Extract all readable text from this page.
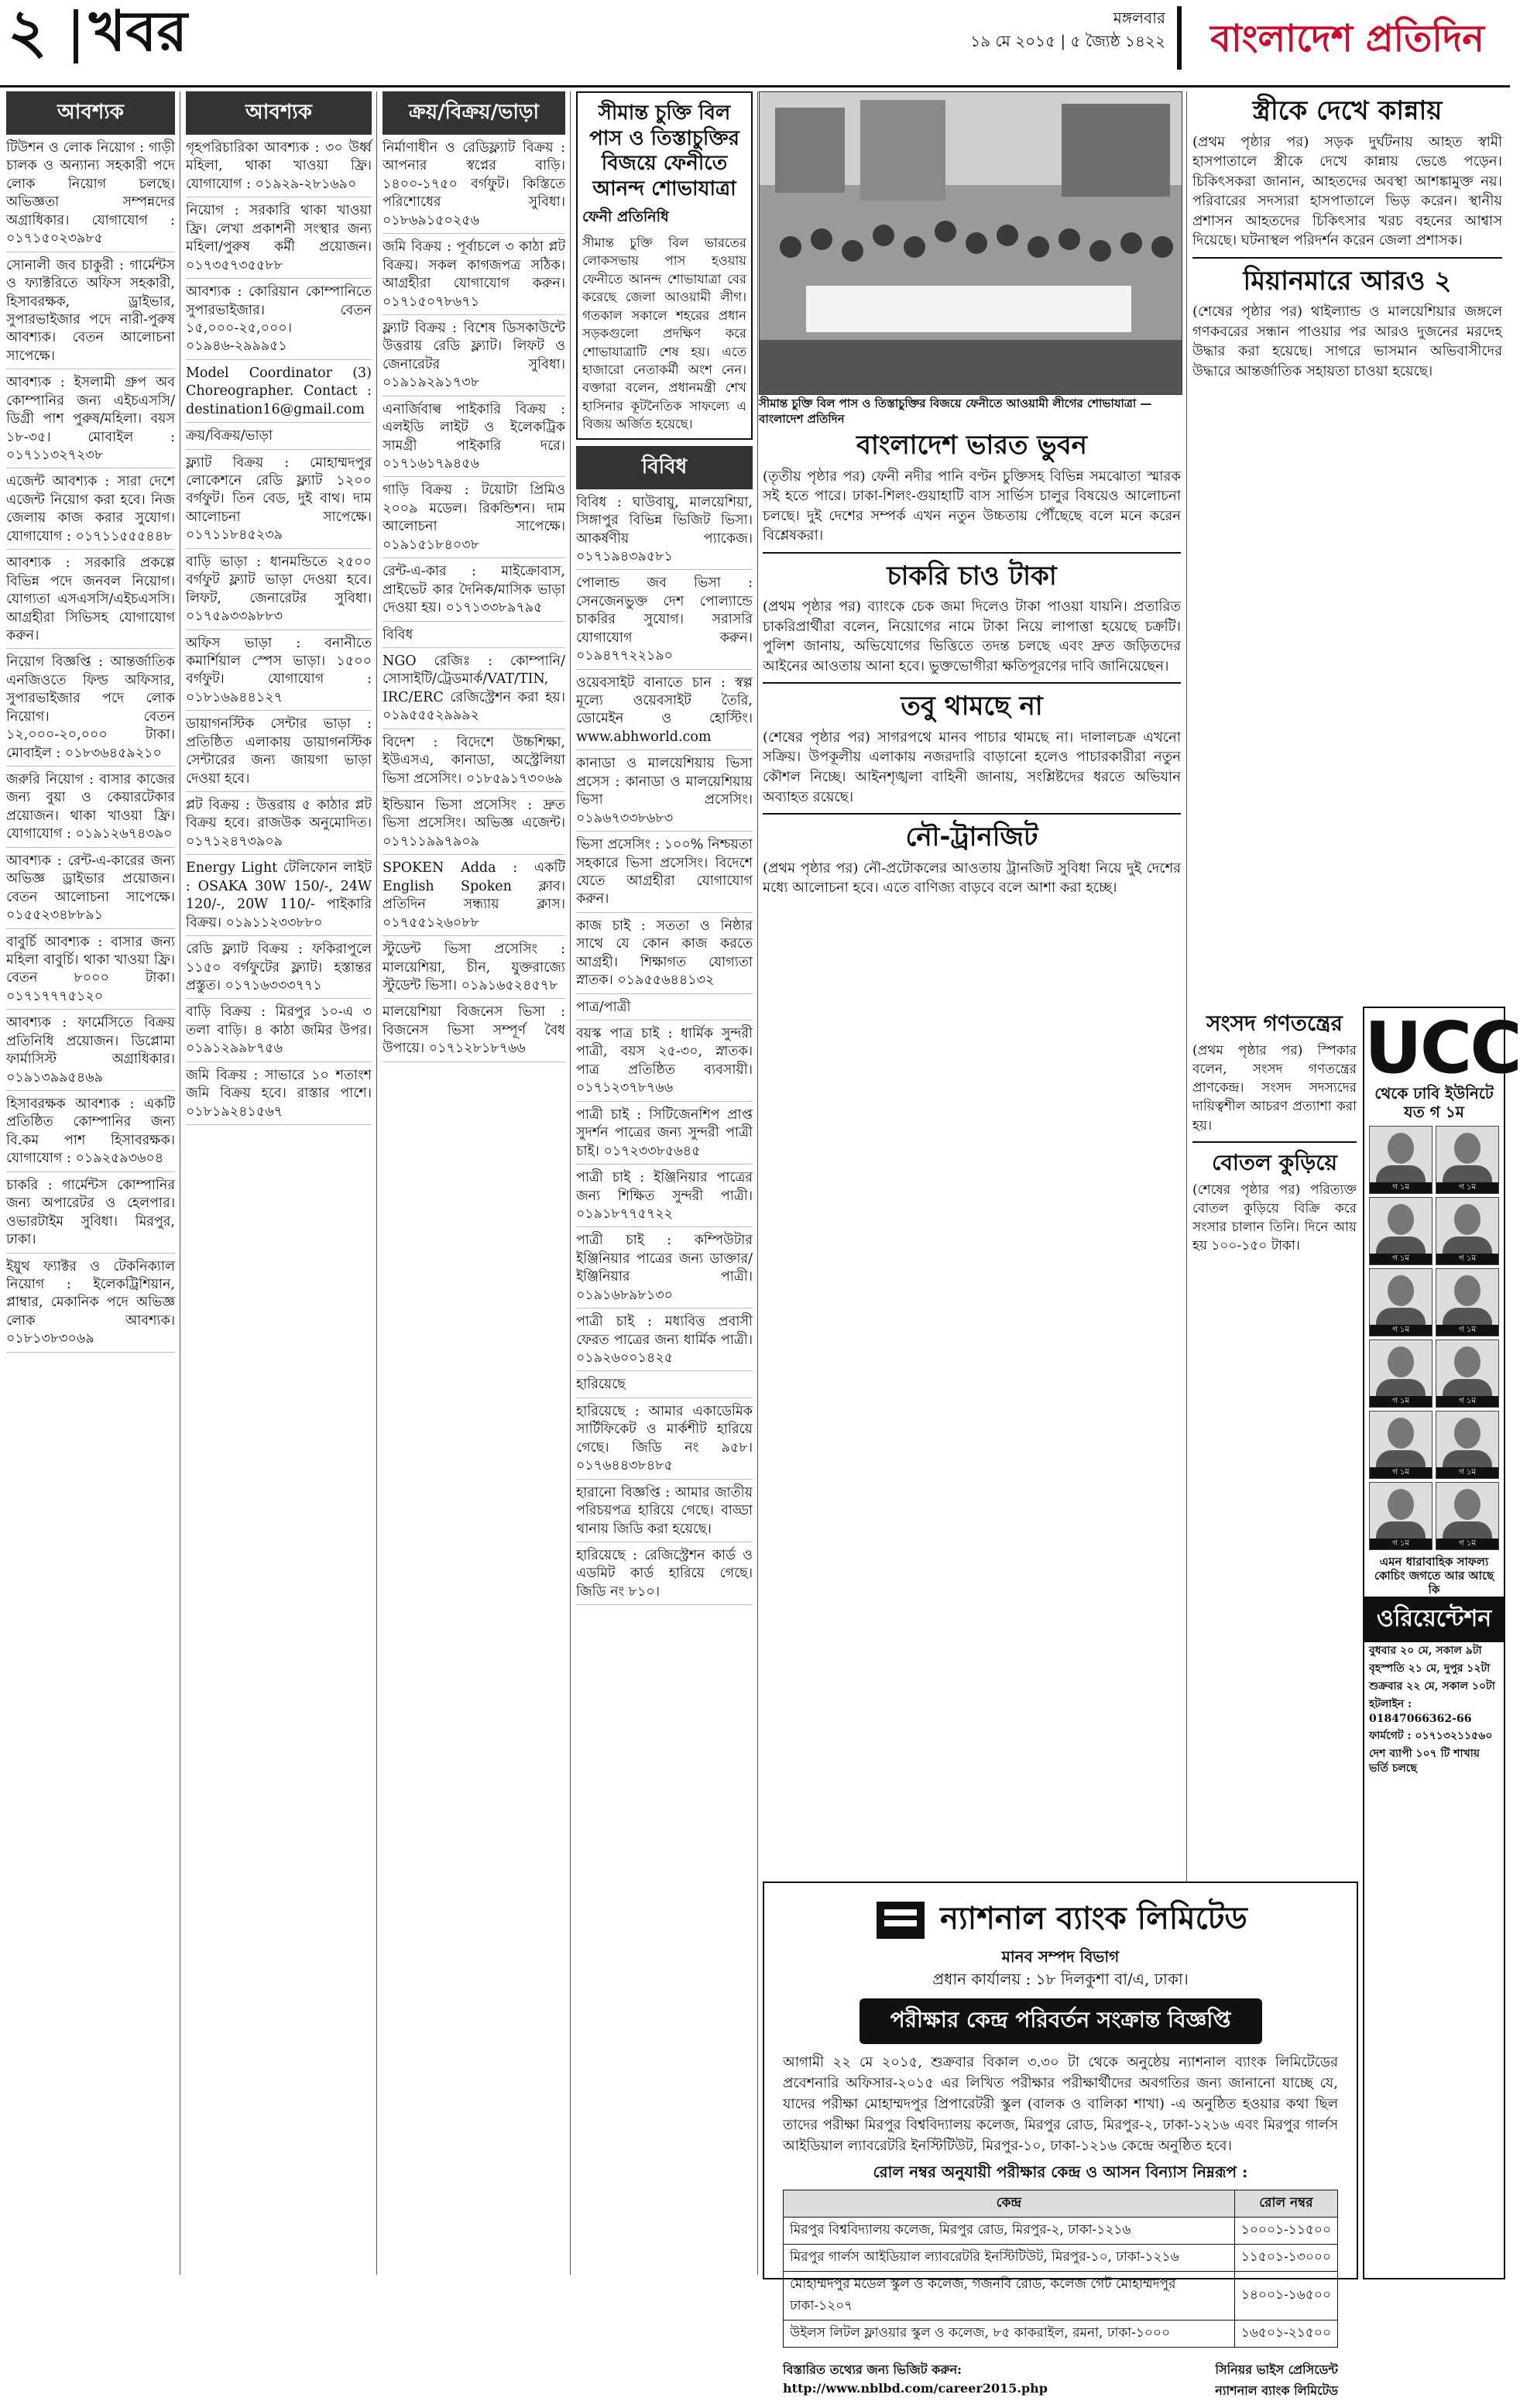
২ খবর	মঙ্গলবার
১৯ মে ২০১৫ | ৫ জ্যৈষ্ঠ ১৪২২ বাংলাদেশ প্রতিদিন
আবশ্যক
টিউশন ও লোক নিয়োগ : গাড়ী চালক ও অন্যান্য সহকারী পদে লোক নিয়োগ চলছে। অভিজ্ঞতা সম্পন্নদের অগ্রাধিকার। যোগাযোগ : ০১৭১৫০২৩৯৮৫
সোনালী জব চাকুরী : গার্মেন্টস ও ফ্যাক্টরিতে অফিস সহকারী, হিসাবরক্ষক, ড্রাইভার, সুপারভাইজার পদে নারী-পুরুষ আবশ্যক। বেতন আলোচনা সাপেক্ষে।
আবশ্যক : ইসলামী গ্রুপ অব কোম্পানির জন্য এইচএসসি/ডিগ্রী পাশ পুরুষ/মহিলা। বয়স ১৮-৩৫। মোবাইল : ০১৭১১৩২৭২৩৮
এজেন্ট আবশ্যক : সারা দেশে এজেন্ট নিয়োগ করা হবে। নিজ জেলায় কাজ করার সুযোগ। যোগাযোগ : ০১৭১১৫৫৫৪৪৮
আবশ্যক : সরকারি প্রকল্পে বিভিন্ন পদে জনবল নিয়োগ। যোগ্যতা এসএসসি/এইচএসসি। আগ্রহীরা সিভিসহ যোগাযোগ করুন।
নিয়োগ বিজ্ঞপ্তি : আন্তর্জাতিক এনজিওতে ফিল্ড অফিসার, সুপারভাইজার পদে লোক নিয়োগ। বেতন ১২,০০০-২০,০০০ টাকা। মোবাইল : ০১৮৩৬৪৫৯২১০
জরুরি নিয়োগ : বাসার কাজের জন্য বুয়া ও কেয়ারটেকার প্রয়োজন। থাকা খাওয়া ফ্রি। যোগাযোগ : ০১৯১২৬৭৪৩৯০
আবশ্যক : রেন্ট-এ-কারের জন্য অভিজ্ঞ ড্রাইভার প্রয়োজন। বেতন আলোচনা সাপেক্ষে। ০১৫৫২৩৪৮৮৯১
বাবুর্চি আবশ্যক : বাসার জন্য মহিলা বাবুর্চি। থাকা খাওয়া ফ্রি। বেতন ৮০০০ টাকা। ০১৭১৭৭৭৫১২০
আবশ্যক : ফার্মেসিতে বিক্রয় প্রতিনিধি প্রয়োজন। ডিপ্লোমা ফার্মাসিস্ট অগ্রাধিকার। ০১৯১৩৯৯৫৪৬৯
হিসাবরক্ষক আবশ্যক : একটি প্রতিষ্ঠিত কোম্পানির জন্য বি.কম পাশ হিসাবরক্ষক। যোগাযোগ : ০১৯২৫৯৩৬০৪
চাকরি : গার্মেন্টস কোম্পানির জন্য অপারেটর ও হেলপার। ওভারটাইম সুবিধা। মিরপুর, ঢাকা।
ইয়ুথ ফ্যাক্টর ও টেকনিক্যাল নিয়োগ : ইলেকট্রিশিয়ান, প্লাম্বার, মেকানিক পদে অভিজ্ঞ লোক আবশ্যক। ০১৮১৩৮৩০৬৯
আবশ্যক
গৃহপরিচারিকা আবশ্যক : ৩০ উর্ধ্ব মহিলা, থাকা খাওয়া ফ্রি। যোগাযোগ : ০১৯২৯-২৮১৬৯০
নিয়োগ : সরকারি থাকা খাওয়া ফ্রি। লেখা প্রকাশনী সংস্থার জন্য মহিলা/পুরুষ কর্মী প্রয়োজন। ০১৭৩৫৭৩৫৫৮৮
আবশ্যক : কোরিয়ান কোম্পানিতে সুপারভাইজার। বেতন ১৫,০০০-২৫,০০০। ০১৯৪৬-২৯৯৯৫১
Model Coordinator (3) Choreographer. Contact : destination16@gmail.com
ক্রয়/বিক্রয়/ভাড়া
ফ্ল্যাট বিক্রয় : মোহাম্মদপুর লোকেশনে রেডি ফ্ল্যাট ১২০০ বর্গফুট। তিন বেড, দুই বাথ। দাম আলোচনা সাপেক্ষে। ০১৭১১৮৪৫২৩৯
বাড়ি ভাড়া : ধানমন্ডিতে ২৫০০ বর্গফুট ফ্ল্যাট ভাড়া দেওয়া হবে। লিফট, জেনারেটর সুবিধা। ০১৭৫৯৩৩৯৮৮৩
অফিস ভাড়া : বনানীতে কমার্শিয়াল স্পেস ভাড়া। ১৫০০ বর্গফুট। যোগাযোগ : ০১৮১৬৯৪৪১২৭
ডায়াগনস্টিক সেন্টার ভাড়া : প্রতিষ্ঠিত এলাকায় ডায়াগনস্টিক সেন্টারের জন্য জায়গা ভাড়া দেওয়া হবে।
প্লট বিক্রয় : উত্তরায় ৫ কাঠার প্লট বিক্রয় হবে। রাজউক অনুমোদিত। ০১৭১২৪৭৩৯০৯
Energy Light টেলিফোন লাইট : OSAKA 30W 150/-, 24W 120/-, 20W 110/- পাইকারি বিক্রয়। ০১৯১১২৩৩৮৮০
রেডি ফ্ল্যাট বিক্রয় : ফকিরাপুলে ১১৫০ বর্গফুটের ফ্ল্যাট। হস্তান্তর প্রস্তুত। ০১৭১৬৩৩৩৭৭১
বাড়ি বিক্রয় : মিরপুর ১০-এ ৩ তলা বাড়ি। ৪ কাঠা জমির উপর। ০১৯১২৯৯৮৭৫৬
জমি বিক্রয় : সাভারে ১০ শতাংশ জমি বিক্রয় হবে। রাস্তার পাশে। ০১৮১৯২৪১৫৬৭
ক্রয়/বিক্রয়/ভাড়া
নির্মাণাধীন ও রেডিফ্ল্যাট বিক্রয় : আপনার স্বপ্নের বাড়ি। ১৪০০-১৭৫০ বর্গফুট। কিস্তিতে পরিশোধের সুবিধা। ০১৮৬৯১৫০২৫৬
জমি বিক্রয় : পূর্বাচলে ৩ কাঠা প্লট বিক্রয়। সকল কাগজপত্র সঠিক। আগ্রহীরা যোগাযোগ করুন। ০১৭১৫০৭৮৬৭১
ফ্ল্যাট বিক্রয় : বিশেষ ডিসকাউন্টে উত্তরায় রেডি ফ্ল্যাট। লিফট ও জেনারেটর সুবিধা। ০১৯১৯২৯১৭৩৮
এনার্জিবাল্ব পাইকারি বিক্রয় : এলইডি লাইট ও ইলেকট্রিক সামগ্রী পাইকারি দরে। ০১৭১৬১৭৯৪৫৬
গাড়ি বিক্রয় : টয়োটা প্রিমিও ২০০৯ মডেল। রিকন্ডিশন। দাম আলোচনা সাপেক্ষে। ০১৯১৫১৮৪০৩৮
রেন্ট-এ-কার : মাইক্রোবাস, প্রাইভেট কার দৈনিক/মাসিক ভাড়া দেওয়া হয়। ০১৭১৩৩৮৯৭৯৫
বিবিধ
NGO রেজিঃ : কোম্পানি/সোসাইটি/ট্রেডমার্ক/VAT/TIN, IRC/ERC রেজিস্ট্রেশন করা হয়। ০১৯৫৫৫২৯৯৯২
বিদেশ : বিদেশে উচ্চশিক্ষা, ইউএসএ, কানাডা, অস্ট্রেলিয়া ভিসা প্রসেসিং। ০১৮৫৯১৭৩০৬৯
ইন্ডিয়ান ভিসা প্রসেসিং : দ্রুত ভিসা প্রসেসিং। অভিজ্ঞ এজেন্ট। ০১৭১১৯৯৭৯০৯
SPOKEN Adda : একটি English Spoken ক্লাব। প্রতিদিন সন্ধ্যায় ক্লাস। ০১৭৫৫১২৬০৮৮
স্টুডেন্ট ভিসা প্রসেসিং : মালয়েশিয়া, চীন, যুক্তরাজ্যে স্টুডেন্ট ভিসা। ০১৯১৬৫২৪৫৭৮
মালয়েশিয়া বিজনেস ভিসা : বিজনেস ভিসা সম্পূর্ণ বৈধ উপায়ে। ০১৭১২৮১৮৭৬৬
সীমান্ত চুক্তি বিল পাস ও তিস্তাচুক্তির বিজয়ে ফেনীতে আনন্দ শোভাযাত্রা
ফেনী প্রতিনিধি
সীমান্ত চুক্তি বিল ভারতের লোকসভায় পাস হওয়ায় ফেনীতে আনন্দ শোভাযাত্রা বের করেছে জেলা আওয়ামী লীগ। গতকাল সকালে শহরের প্রধান সড়কগুলো প্রদক্ষিণ করে শোভাযাত্রাটি শেষ হয়। এতে হাজারো নেতাকর্মী অংশ নেন। বক্তারা বলেন, প্রধানমন্ত্রী শেখ হাসিনার কূটনৈতিক সাফল্যে এ বিজয় অর্জিত হয়েছে।
বিবিধ
বিবিধ : ঘাউবায়ু, মালয়েশিয়া, সিঙ্গাপুর বিভিন্ন ভিজিট ভিসা। আকর্ষণীয় প্যাকেজ। ০১৭১৯৪৩৯৫৮১
পোলান্ড জব ভিসা : সেনজেনভুক্ত দেশ পোল্যান্ডে চাকরির সুযোগ। সরাসরি যোগাযোগ করুন। ০১৯৪৭৭২২১৯০
ওয়েবসাইট বানাতে চান : স্বল্প মূল্যে ওয়েবসাইট তৈরি, ডোমেইন ও হোস্টিং। www.abhworld.com
কানাডা ও মালয়েশিয়ায় ভিসা প্রসেস : কানাডা ও মালয়েশিয়ায় ভিসা প্রসেসিং। ০১৯৬৭৩৩৮৬৮৩
ভিসা প্রসেসিং : ১০০% নিশ্চয়তা সহকারে ভিসা প্রসেসিং। বিদেশে যেতে আগ্রহীরা যোগাযোগ করুন।
কাজ চাই : সততা ও নিষ্ঠার সাথে যে কোন কাজ করতে আগ্রহী। শিক্ষাগত যোগ্যতা স্নাতক। ০১৯৫৫৬৪৪১৩২
পাত্র/পাত্রী
বয়স্ক পাত্র চাই : ধার্মিক সুন্দরী পাত্রী, বয়স ২৫-৩০, স্নাতক। পাত্র প্রতিষ্ঠিত ব্যবসায়ী। ০১৭১২৩৭৮৭৬৬
পাত্রী চাই : সিটিজেনশিপ প্রাপ্ত সুদর্শন পাত্রের জন্য সুন্দরী পাত্রী চাই। ০১৭২৩৩৮৫৬৪৫
পাত্রী চাই : ইঞ্জিনিয়ার পাত্রের জন্য শিক্ষিত সুন্দরী পাত্রী। ০১৯১৮৭৭৫৭২২
পাত্রী চাই : কম্পিউটার ইঞ্জিনিয়ার পাত্রের জন্য ডাক্তার/ইঞ্জিনিয়ার পাত্রী। ০১৯১৬৮৯৮১৩০
পাত্রী চাই : মধ্যবিত্ত প্রবাসী ফেরত পাত্রের জন্য ধার্মিক পাত্রী। ০১৯২৬০০১৪২৫
হারিয়েছে
হারিয়েছে : আমার একাডেমিক সার্টিফিকেট ও মার্কশীট হারিয়ে গেছে। জিডি নং ৯৫৮। ০১৭৬৪৪৩৮৪৮৫
হারানো বিজ্ঞপ্তি : আমার জাতীয় পরিচয়পত্র হারিয়ে গেছে। বাড্ডা থানায় জিডি করা হয়েছে।
হারিয়েছে : রেজিস্ট্রেশন কার্ড ও এডমিট কার্ড হারিয়ে গেছে। জিডি নং ৮১০।
সীমান্ত চুক্তি বিল পাস ও তিস্তাচুক্তির বিজয়ে ফেনীতে আওয়ামী লীগের শোভাযাত্রা —বাংলাদেশ প্রতিদিন
বাংলাদেশ ভারত ভুবন
(তৃতীয় পৃষ্ঠার পর) ফেনী নদীর পানি বণ্টন চুক্তিসহ বিভিন্ন সমঝোতা স্মারক সই হতে পারে। ঢাকা-শিলং-গুয়াহাটি বাস সার্ভিস চালুর বিষয়েও আলোচনা চলছে। দুই দেশের সম্পর্ক এখন নতুন উচ্চতায় পৌঁছেছে বলে মনে করেন বিশ্লেষকরা।
চাকরি চাও টাকা
(প্রথম পৃষ্ঠার পর) ব্যাংকে চেক জমা দিলেও টাকা পাওয়া যায়নি। প্রতারিত চাকরিপ্রার্থীরা বলেন, নিয়োগের নামে টাকা নিয়ে লাপাত্তা হয়েছে চক্রটি। পুলিশ জানায়, অভিযোগের ভিত্তিতে তদন্ত চলছে এবং দ্রুত জড়িতদের আইনের আওতায় আনা হবে। ভুক্তভোগীরা ক্ষতিপূরণের দাবি জানিয়েছেন।
তবু থামছে না
(শেষের পৃষ্ঠার পর) সাগরপথে মানব পাচার থামছে না। দালালচক্র এখনো সক্রিয়। উপকূলীয় এলাকায় নজরদারি বাড়ানো হলেও পাচারকারীরা নতুন কৌশল নিচ্ছে। আইনশৃঙ্খলা বাহিনী জানায়, সংশ্লিষ্টদের ধরতে অভিযান অব্যাহত রয়েছে।
নৌ-ট্রানজিট
(প্রথম পৃষ্ঠার পর) নৌ-প্রটোকলের আওতায় ট্রানজিট সুবিধা নিয়ে দুই দেশের মধ্যে আলোচনা হবে। এতে বাণিজ্য বাড়বে বলে আশা করা হচ্ছে।
স্ত্রীকে দেখে কান্নায়
(প্রথম পৃষ্ঠার পর) সড়ক দুর্ঘটনায় আহত স্বামী হাসপাতালে স্ত্রীকে দেখে কান্নায় ভেঙে পড়েন। চিকিৎসকরা জানান, আহতদের অবস্থা আশঙ্কামুক্ত নয়। পরিবারের সদস্যরা হাসপাতালে ভিড় করেন। স্থানীয় প্রশাসন আহতদের চিকিৎসার খরচ বহনের আশ্বাস দিয়েছে। ঘটনাস্থল পরিদর্শন করেন জেলা প্রশাসক।
মিয়ানমারে আরও ২
(শেষের পৃষ্ঠার পর) থাইল্যান্ড ও মালয়েশিয়ার জঙ্গলে গণকবরের সন্ধান পাওয়ার পর আরও দুজনের মরদেহ উদ্ধার করা হয়েছে। সাগরে ভাসমান অভিবাসীদের উদ্ধারে আন্তর্জাতিক সহায়তা চাওয়া হয়েছে।
সংসদ গণতন্ত্রের
(প্রথম পৃষ্ঠার পর) স্পিকার বলেন, সংসদ গণতন্ত্রের প্রাণকেন্দ্র। সংসদ সদস্যদের দায়িত্বশীল আচরণ প্রত্যাশা করা হয়।
বোতল কুড়িয়ে
(শেষের পৃষ্ঠার পর) পরিত্যক্ত বোতল কুড়িয়ে বিক্রি করে সংসার চালান তিনি। দিনে আয় হয় ১০০-১৫০ টাকা।
UCC
থেকে ঢাবি ইউনিটে যত গ ১ম
গ ১ম	গ ১ম
গ ১ম	গ ১ম
গ ১ম	গ ১ম
গ ১ম	গ ১ম
গ ১ম	গ ১ম
গ ১ম	গ ১ম
এমন ধারাবাহিক সাফল্য কোচিং জগতে আর আছে কি
ওরিয়েন্টেশন
বুধবার ২০ মে, সকাল ৯টা
বৃহস্পতি ২১ মে, দুপুর ১২টা
শুক্রবার ২২ মে, সকাল ১০টা
হটলাইন : 01847066362-66
ফার্মগেট : ০১৭১৩২১১৫৬০
দেশ ব্যাপী ১০৭ টি শাখায় ভর্তি চলছে
ন্যাশনাল ব্যাংক লিমিটেড
মানব সম্পদ বিভাগ
প্রধান কার্যালয় : ১৮ দিলকুশা বা/এ, ঢাকা।
পরীক্ষার কেন্দ্র পরিবর্তন সংক্রান্ত বিজ্ঞপ্তি
আগামী ২২ মে ২০১৫, শুক্রবার বিকাল ৩.৩০ টা থেকে অনুষ্ঠেয় ন্যাশনাল ব্যাংক লিমিটেডের প্রবেশনারি অফিসার-২০১৫ এর লিখিত পরীক্ষার পরীক্ষার্থীদের অবগতির জন্য জানানো যাচ্ছে যে, যাদের পরীক্ষা মোহাম্মদপুর প্রিপারেটরী স্কুল (বালক ও বালিকা শাখা) -এ অনুষ্ঠিত হওয়ার কথা ছিল তাদের পরীক্ষা মিরপুর বিশ্ববিদ্যালয় কলেজ, মিরপুর রোড, মিরপুর-২, ঢাকা-১২১৬ এবং মিরপুর গার্লস আইডিয়াল ল্যাবরেটরি ইনস্টিটিউট, মিরপুর-১০, ঢাকা-১২১৬ কেন্দ্রে অনুষ্ঠিত হবে।
রোল নম্বর অনুযায়ী পরীক্ষার কেন্দ্র ও আসন বিন্যাস নিম্নরূপ :
কেন্দ্র	রোল নম্বর
মিরপুর বিশ্ববিদ্যালয় কলেজ, মিরপুর রোড, মিরপুর-২, ঢাকা-১২১৬	১০০০১-১১৫০০
মিরপুর গার্লস আইডিয়াল ল্যাবরেটরি ইনস্টিটিউট, মিরপুর-১০, ঢাকা-১২১৬	১১৫০১-১৩০০০
মোহাম্মদপুর মডেল স্কুল ও কলেজ, গজনবি রোড, কলেজ গেট মোহাম্মদপুর ঢাকা-১২০৭	১৪০০১-১৬৫০০
উইলস লিটল ফ্লাওয়ার স্কুল ও কলেজ, ৮৫ কাকরাইল, রমনা, ঢাকা-১০০০	১৬৫০১-২১৫০০
বিস্তারিত তথ্যের জন্য ভিজিট করুন: http://www.nblbd.com/career2015.php
সিনিয়র ভাইস প্রেসিডেন্ট ন্যাশনাল ব্যাংক লিমিটেড
